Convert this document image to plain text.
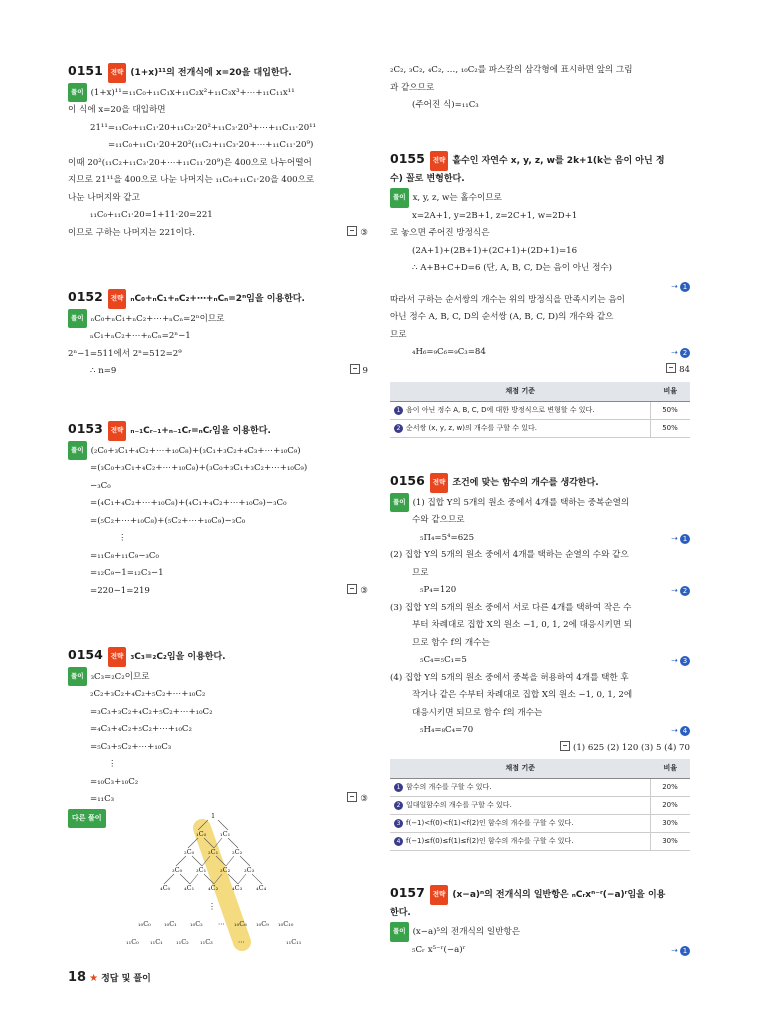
0151 전략 (1+x)¹¹의 전개식에 x=20을 대입한다.
풀이 (1+x)¹¹=₁₁C₀+₁₁C₁x+₁₁C₂x²+₁₁C₃x³+⋯+₁₁C₁₁x¹¹
이 식에 x=20을 대입하면
21¹¹=₁₁C₀+₁₁C₁·20+₁₁C₂·20²+₁₁C₃·20³+⋯+₁₁C₁₁·20¹¹
=₁₁C₀+₁₁C₁·20+20²(₁₁C₂+₁₁C₃·20+⋯+₁₁C₁₁·20⁹)
이때 20²(₁₁C₂+₁₁C₃·20+⋯+₁₁C₁₁·20⁹)은 400으로 나누어떨어
지므로 21¹¹을 400으로 나눈 나머지는 ₁₁C₀+₁₁C₁·20을 400으로
나눈 나머지와 같고
₁₁C₀+₁₁C₁·20=1+11·20=221
이므로 구하는 나머지는 221이다.	③
0152 전략 ₙC₀+ₙC₁+ₙC₂+⋯+ₙCₙ=2ⁿ임을 이용한다.
풀이 ₙC₀+ₙC₁+ₙC₂+⋯+ₙCₙ=2ⁿ이므로
ₙC₁+ₙC₂+⋯+ₙCₙ=2ⁿ−1
2ⁿ−1=511에서 2ⁿ=512=2⁹
∴ n=9	9
0153 전략 ₙ₋₁Cᵣ₋₁+ₙ₋₁Cᵣ=ₙCᵣ임을 이용한다.
풀이 (₂C₀+₃C₁+₄C₂+⋯+₁₀C₈)+(₃C₁+₃C₂+₄C₃+⋯+₁₀C₉)
=(₃C₀+₃C₁+₄C₂+⋯+₁₀C₈)+(₃C₀+₃C₁+₃C₂+⋯+₁₀C₉)
−₃C₀
=(₄C₁+₄C₂+⋯+₁₀C₈)+(₄C₁+₄C₂+⋯+₁₀C₉)−₃C₀
=(₅C₂+⋯+₁₀C₈)+(₅C₂+⋯+₁₀C₉)−₃C₀
⋮
=₁₁C₈+₁₁C₉−₃C₀
=₁₂C₉−1=₁₂C₃−1
=220−1=219	③
0154 전략 ₃C₃=₂C₂임을 이용한다.
풀이 ₃C₃=₂C₂이므로
₂C₂+₃C₂+₄C₂+₅C₂+⋯+₁₀C₂
=₃C₃+₃C₂+₄C₂+₅C₂+⋯+₁₀C₂
=₄C₃+₄C₂+₅C₂+⋯+₁₀C₂
=₅C₃+₅C₂+⋯+₁₀C₃
⋮
=₁₀C₃+₁₀C₂
=₁₁C₃	③
다른 풀이	1
₁C₀ ₁C₁
₂C₀ ₂C₁ ₂C₂
₃C₀ ₃C₁ ₃C₂ ₃C₃
₄C₀ ₄C₁ ₄C₂ ₄C₃ ₄C₄
⋮
₁₀C₀ ₁₀C₁ ₁₀C₂ ⋯ ₁₀C₈ ₁₀C₉ ₁₀C₁₀
₁₁C₀ ₁₁C₁ ₁₁C₂ ₁₁C₃	⋯	₁₁C₁₁
₂C₂, ₃C₂, ₄C₂, …, ₁₀C₂를 파스칼의 삼각형에 표시하면 앞의 그림
과 같으므로
(주어진 식)=₁₁C₃
0155 전략 홀수인 자연수 x, y, z, w를 2k+1(k는 음이 아닌 정
수) 꼴로 변형한다.
풀이 x, y, z, w는 홀수이므로
x=2A+1, y=2B+1, z=2C+1, w=2D+1
로 놓으면 주어진 방정식은
(2A+1)+(2B+1)+(2C+1)+(2D+1)=16
∴ A+B+C+D=6 (단, A, B, C, D는 음이 아닌 정수)
⇢ 1
따라서 구하는 순서쌍의 개수는 위의 방정식을 만족시키는 음이
아닌 정수 A, B, C, D의 순서쌍 (A, B, C, D)의 개수와 같으
므로
₄H₆=₉C₆=₉C₃=84	⇢ 2
84
채점 기준	비율
1 음이 아닌 정수 A, B, C, D에 대한 방정식으로 변형할 수 있다.	50%
2 순서쌍 (x, y, z, w)의 개수를 구할 수 있다.	50%
0156 전략 조건에 맞는 함수의 개수를 생각한다.
풀이 (1) 집합 Y의 5개의 원소 중에서 4개를 택하는 중복순열의
수와 같으므로
₅Π₄=5⁴=625	⇢ 1
(2) 집합 Y의 5개의 원소 중에서 4개를 택하는 순열의 수와 같으
므로
₅P₄=120	⇢ 2
(3) 집합 Y의 5개의 원소 중에서 서로 다른 4개를 택하여 작은 수
부터 차례대로 집합 X의 원소 −1, 0, 1, 2에 대응시키면 되
므로 함수 f의 개수는
₅C₄=₅C₁=5	⇢ 3
(4) 집합 Y의 5개의 원소 중에서 중복을 허용하여 4개를 택한 후
작거나 같은 수부터 차례대로 집합 X의 원소 −1, 0, 1, 2에
대응시키면 되므로 함수 f의 개수는
₅H₄=₈C₄=70	⇢ 4
(1) 625 (2) 120 (3) 5 (4) 70
채점 기준	비율
1 함수의 개수를 구할 수 있다.	20%
2 일대일함수의 개수를 구할 수 있다.	20%
3 f(−1)<f(0)<f(1)<f(2)인 함수의 개수를 구할 수 있다.	30%
4 f(−1)≤f(0)≤f(1)≤f(2)인 함수의 개수를 구할 수 있다.	30%
0157 전략 (x−a)ⁿ의 전개식의 일반항은 ₙCᵣxⁿ⁻ʳ(−a)ʳ임을 이용
한다.
풀이 (x−a)⁵의 전개식의 일반항은
₅Cᵣ x⁵⁻ʳ(−a)ʳ	⇢ 1
18 ★ 정답 및 풀이
